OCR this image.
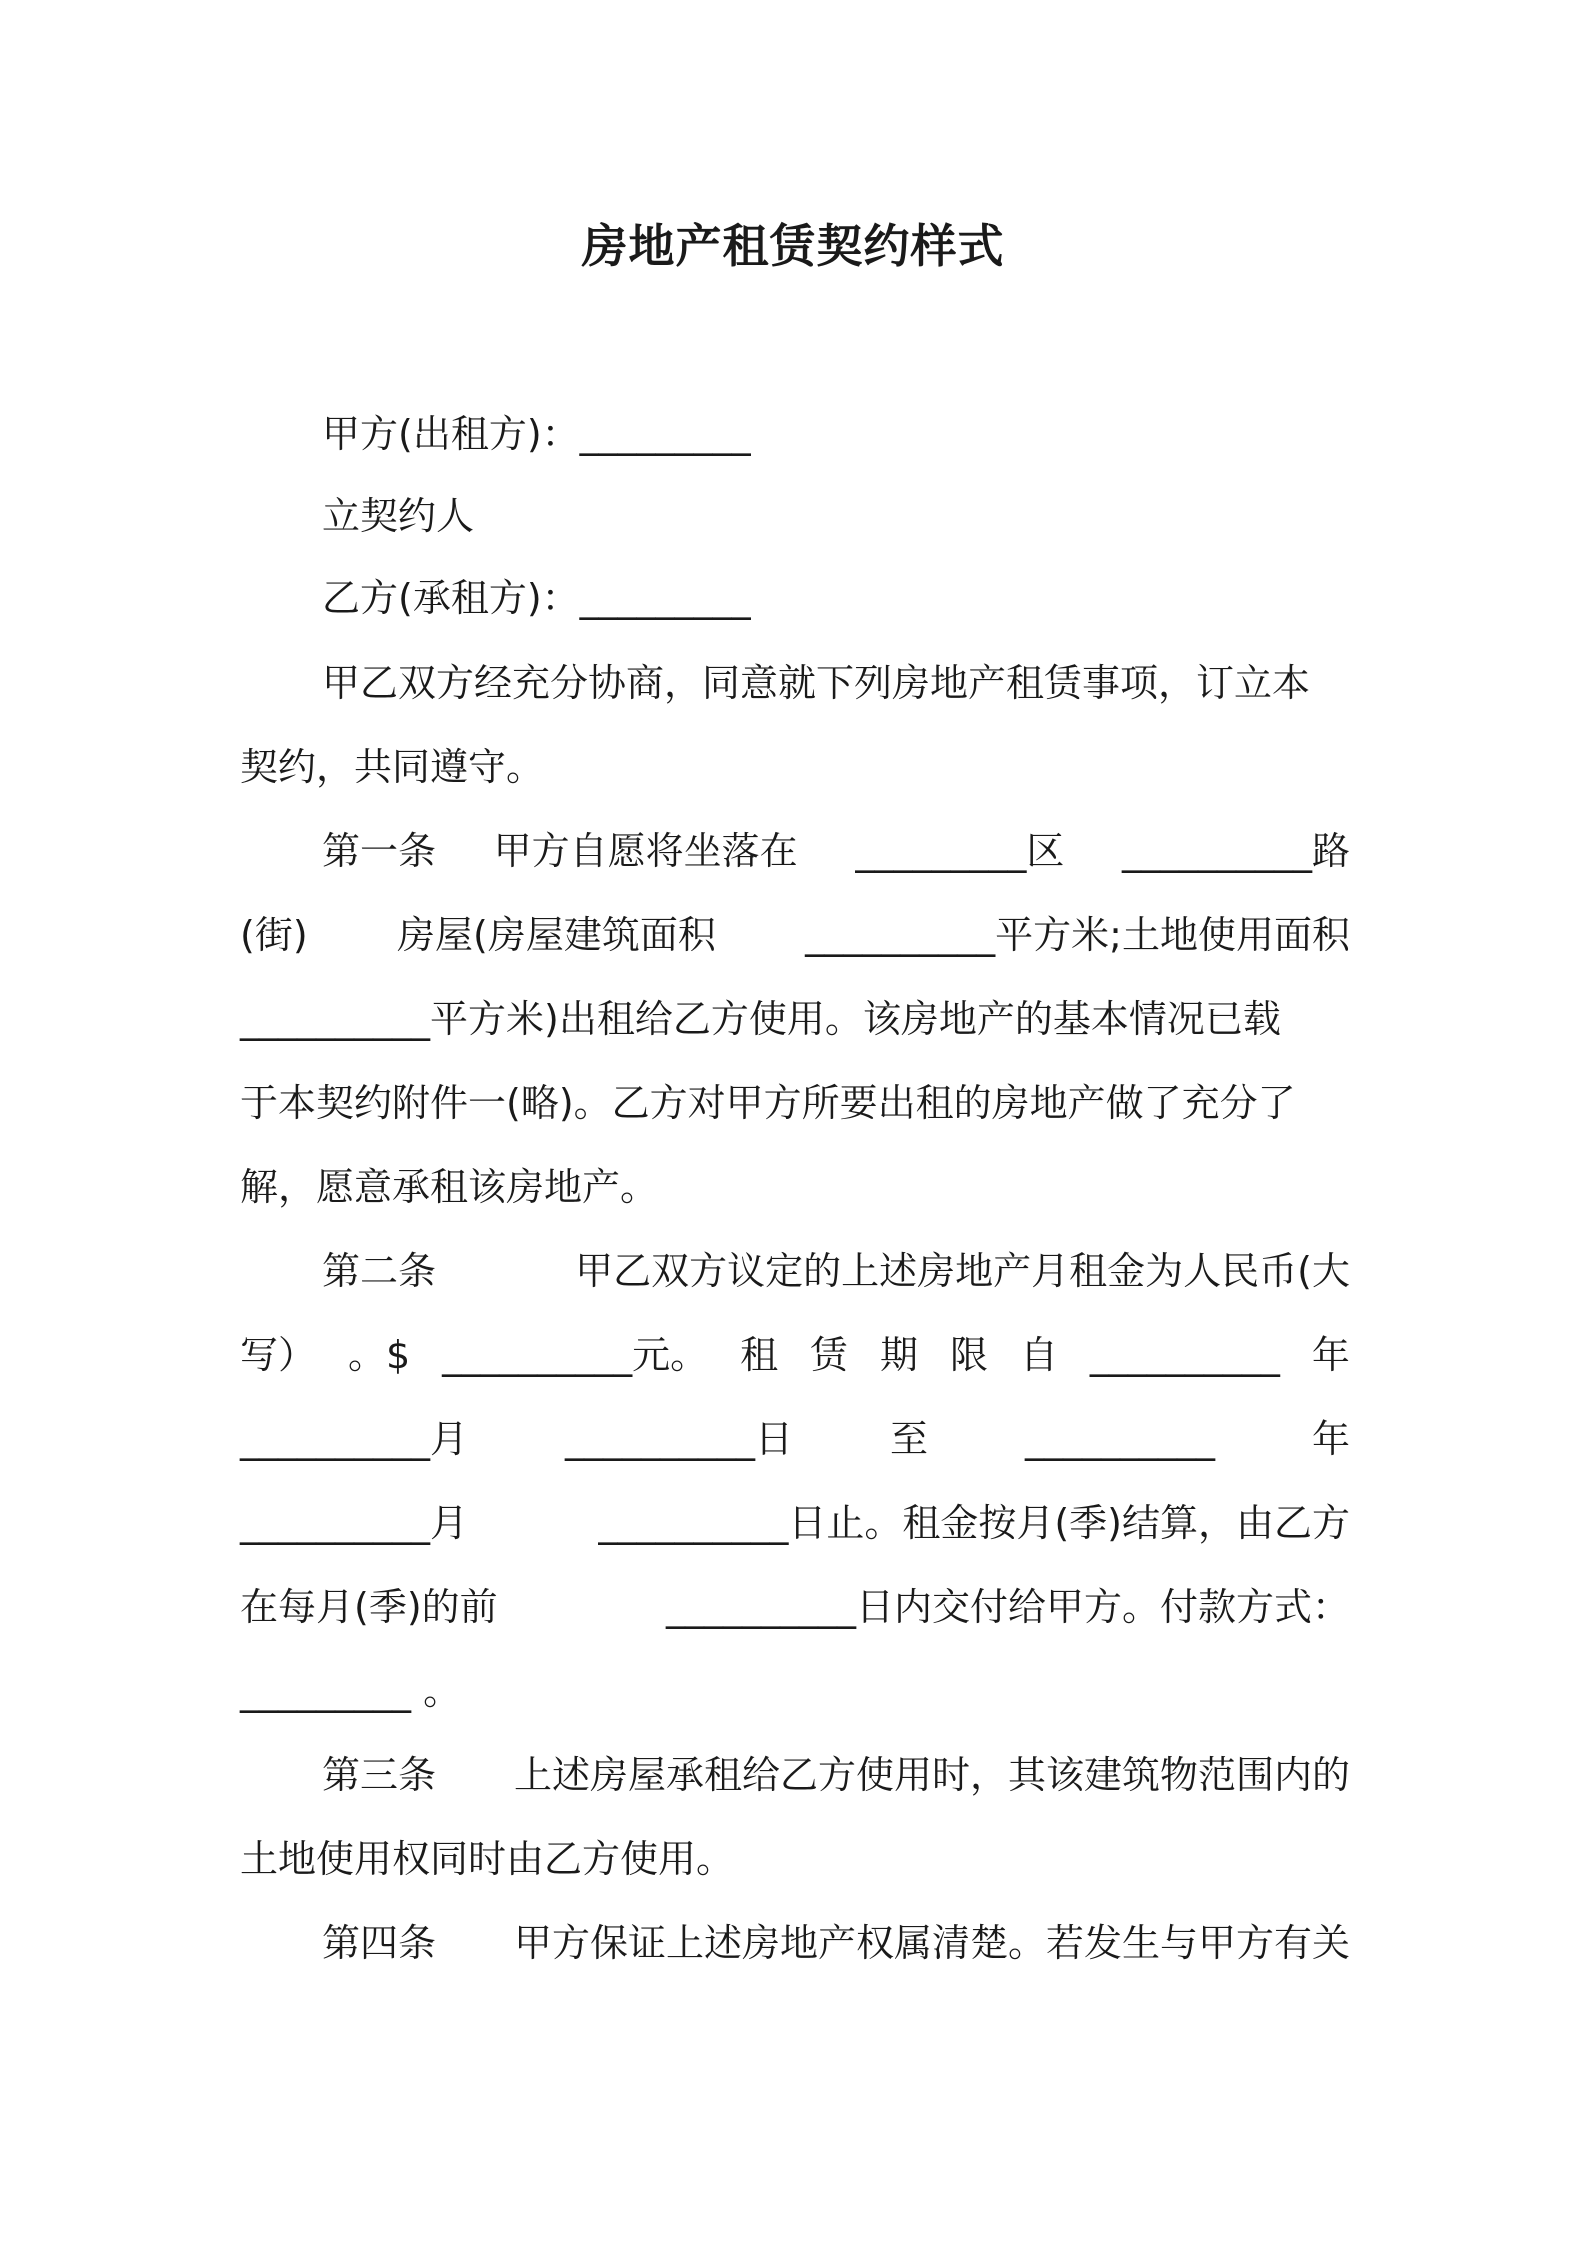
房地产租赁契约样式
甲方(出租方)：_________
立契约人
乙方(承租方)：_________
甲乙双方经充分协商，同意就下列房地产租赁事项，订立本
契约，共同遵守。
第一条 甲方自愿将坐落在 _________区 __________路
(街) 房屋(房屋建筑面积 __________平方米;土地使用面积
__________平方米)出租给乙方使用。该房地产的基本情况已载
于本契约附件一(略)。乙方对甲方所要出租的房地产做了充分了
解，愿意承租该房地产。
第二条	甲乙双方议定的上述房地产月租金为人民币(大
写） 。$ __________元。 租 赁 期 限 自 __________ 年
__________月	__________日	至	__________	年
__________月	__________日止。租金按月(季)结算，由乙方
在每月(季)的前	__________日内交付给甲方。付款方式：
_________ 。
第三条 上述房屋承租给乙方使用时，其该建筑物范围内的
土地使用权同时由乙方使用。
第四条 甲方保证上述房地产权属清楚。若发生与甲方有关
